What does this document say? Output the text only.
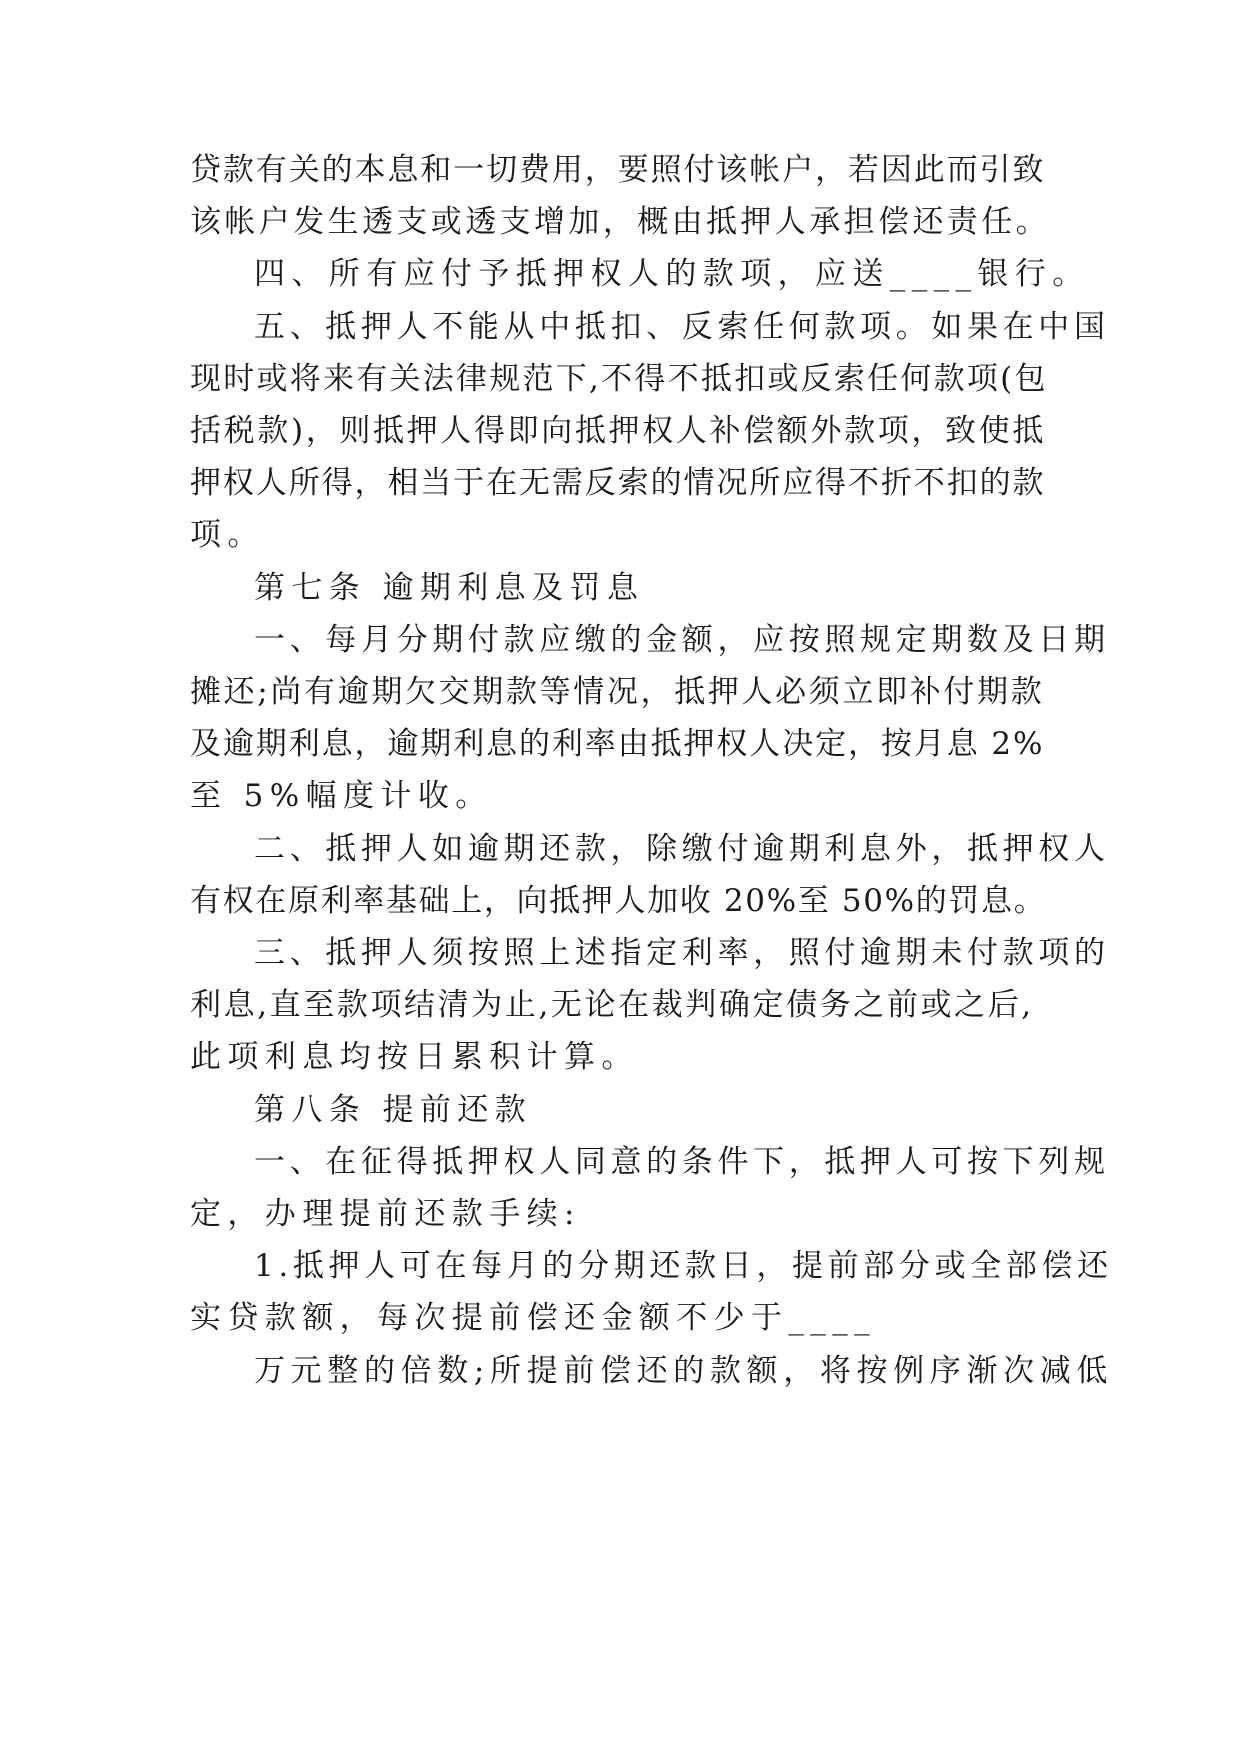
贷款有关的本息和一切费用，要照付该帐户，若因此而引致
该帐户发生透支或透支增加，概由抵押人承担偿还责任。
四、所有应付予抵押权人的款项，应送____银行。
五、抵押人不能从中抵扣、反索任何款项。如果在中国
现时或将来有关法律规范下,不得不抵扣或反索任何款项(包
括税款)，则抵押人得即向抵押权人补偿额外款项，致使抵
押权人所得，相当于在无需反索的情况所应得不折不扣的款
项。
第七条 逾期利息及罚息
一、每月分期付款应缴的金额，应按照规定期数及日期
摊还;尚有逾期欠交期款等情况，抵押人必须立即补付期款
及逾期利息，逾期利息的利率由抵押权人决定，按月息 2%
至 5%幅度计收。
二、抵押人如逾期还款，除缴付逾期利息外，抵押权人
有权在原利率基础上，向抵押人加收 20%至 50%的罚息。
三、抵押人须按照上述指定利率，照付逾期未付款项的
利息,直至款项结清为止,无论在裁判确定债务之前或之后,
此项利息均按日累积计算。
第八条 提前还款
一、在征得抵押权人同意的条件下，抵押人可按下列规
定，办理提前还款手续:
1.抵押人可在每月的分期还款日，提前部分或全部偿还
实贷款额，每次提前偿还金额不少于____
万元整的倍数;所提前偿还的款额，将按例序渐次减低
